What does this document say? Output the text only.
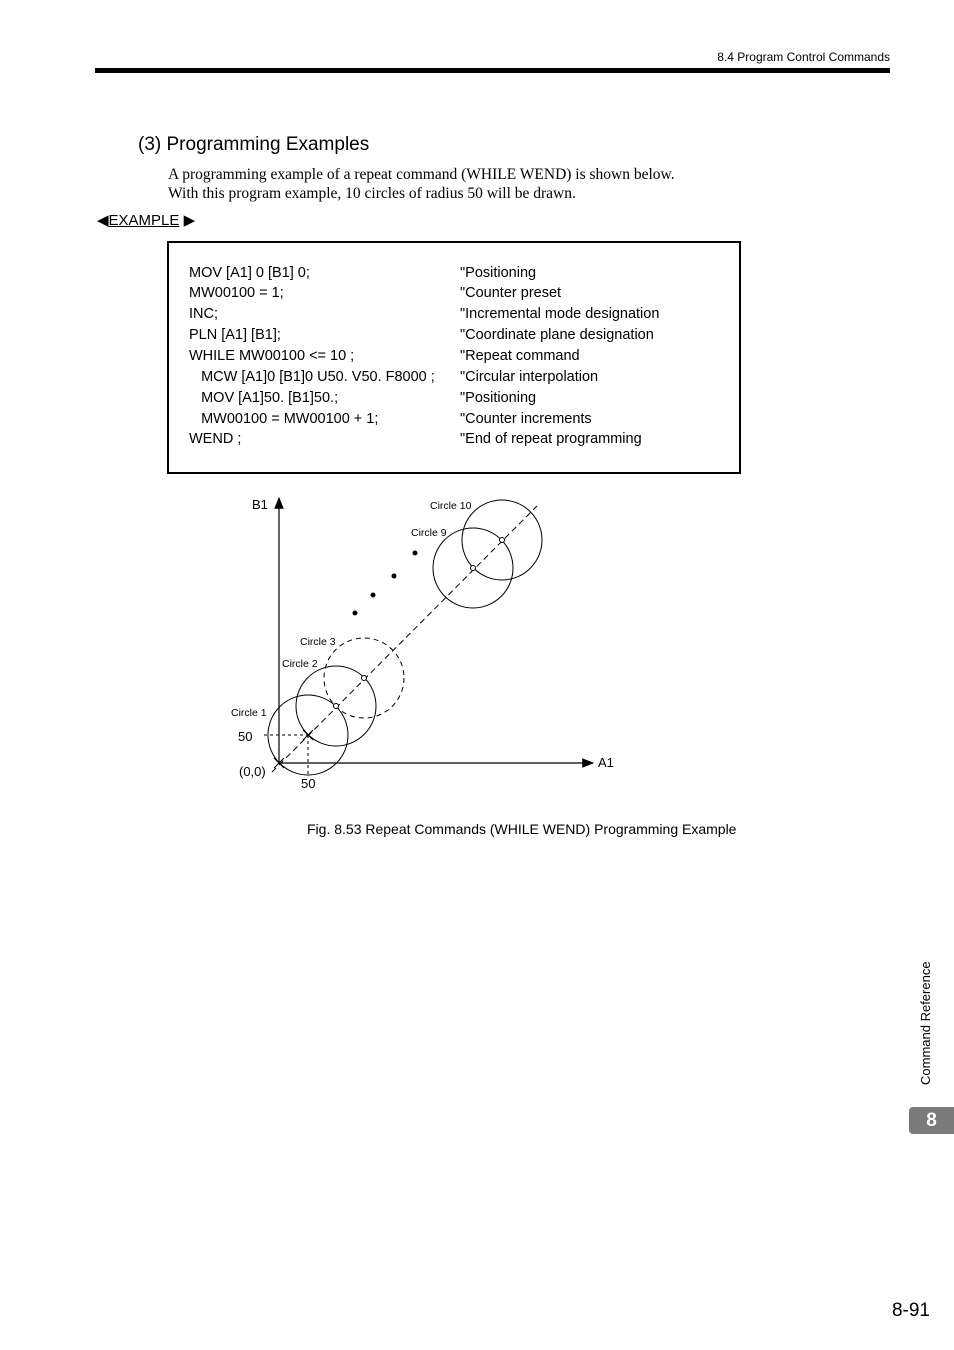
8.4 Program Control Commands
(3) Programming Examples
A programming example of a repeat command (WHILE WEND) is shown below.
With this program example, 10 circles of radius 50 will be drawn.
◀EXAMPLE ▶
MOV [A1] 0 [B1] 0;	"Positioning
MW00100 = 1;	"Counter preset
INC;	"Incremental mode designation
PLN [A1] [B1];	"Coordinate plane designation
WHILE MW00100 <= 10 ;	"Repeat command
MCW [A1]0 [B1]0 U50. V50. F8000 ; "Circular interpolation
MOV [A1]50. [B1]50.;	"Positioning
MW00100 = MW00100 + 1;	"Counter increments
WEND ;	"End of repeat programming
B1
A1
(0,0)
50
50
Circle 1
Circle 2
Circle 3
Circle 9
Circle 10
Fig. 8.53 Repeat Commands (WHILE WEND) Programming Example
Command Reference
8
8-91
